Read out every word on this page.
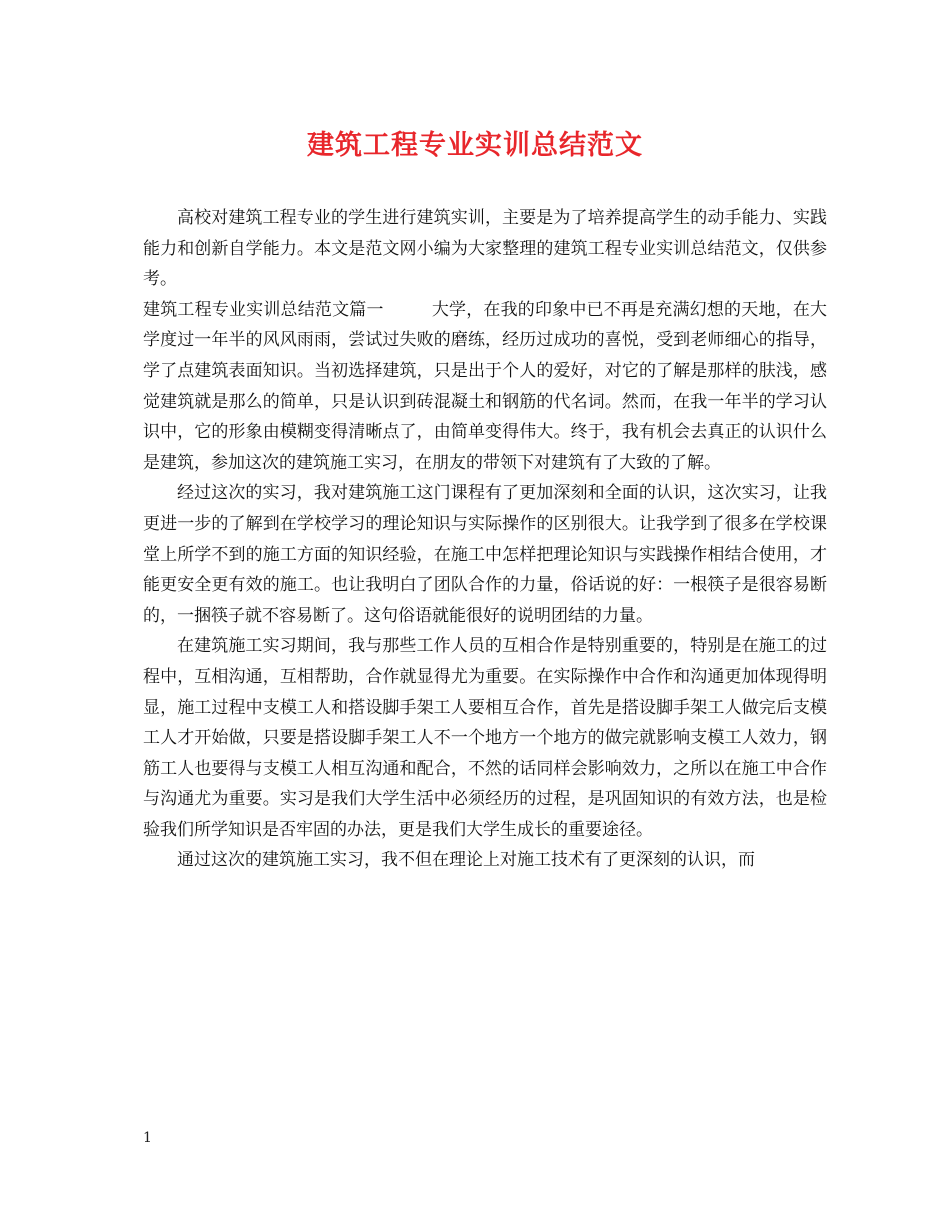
建筑工程专业实训总结范文

高校对建筑工程专业的学生进行建筑实训，主要是为了培养提高学生的动手能力、实践能力和创新自学能力。本文是范文网小编为大家整理的建筑工程专业实训总结范文，仅供参考。

建筑工程专业实训总结范文篇一	大学，在我的印象中已不再是充满幻想的天地，在大学度过一年半的风风雨雨，尝试过失败的磨练，经历过成功的喜悦，受到老师细心的指导，学了点建筑表面知识。当初选择建筑，只是出于个人的爱好，对它的了解是那样的肤浅，感觉建筑就是那么的简单，只是认识到砖混凝土和钢筋的代名词。然而，在我一年半的学习认识中，它的形象由模糊变得清晰点了，由简单变得伟大。终于，我有机会去真正的认识什么是建筑，参加这次的建筑施工实习，在朋友的带领下对建筑有了大致的了解。

经过这次的实习，我对建筑施工这门课程有了更加深刻和全面的认识，这次实习，让我更进一步的了解到在学校学习的理论知识与实际操作的区别很大。让我学到了很多在学校课堂上所学不到的施工方面的知识经验，在施工中怎样把理论知识与实践操作相结合使用，才能更安全更有效的施工。也让我明白了团队合作的力量，俗话说的好：一根筷子是很容易断的，一捆筷子就不容易断了。这句俗语就能很好的说明团结的力量。

在建筑施工实习期间，我与那些工作人员的互相合作是特别重要的，特别是在施工的过程中，互相沟通，互相帮助，合作就显得尤为重要。在实际操作中合作和沟通更加体现得明显，施工过程中支模工人和搭设脚手架工人要相互合作，首先是搭设脚手架工人做完后支模工人才开始做，只要是搭设脚手架工人不一个地方一个地方的做完就影响支模工人效力，钢筋工人也要得与支模工人相互沟通和配合，不然的话同样会影响效力，之所以在施工中合作与沟通尤为重要。实习是我们大学生活中必须经历的过程，是巩固知识的有效方法，也是检验我们所学知识是否牢固的办法，更是我们大学生成长的重要途径。

通过这次的建筑施工实习，我不但在理论上对施工技术有了更深刻的认识，而

1
